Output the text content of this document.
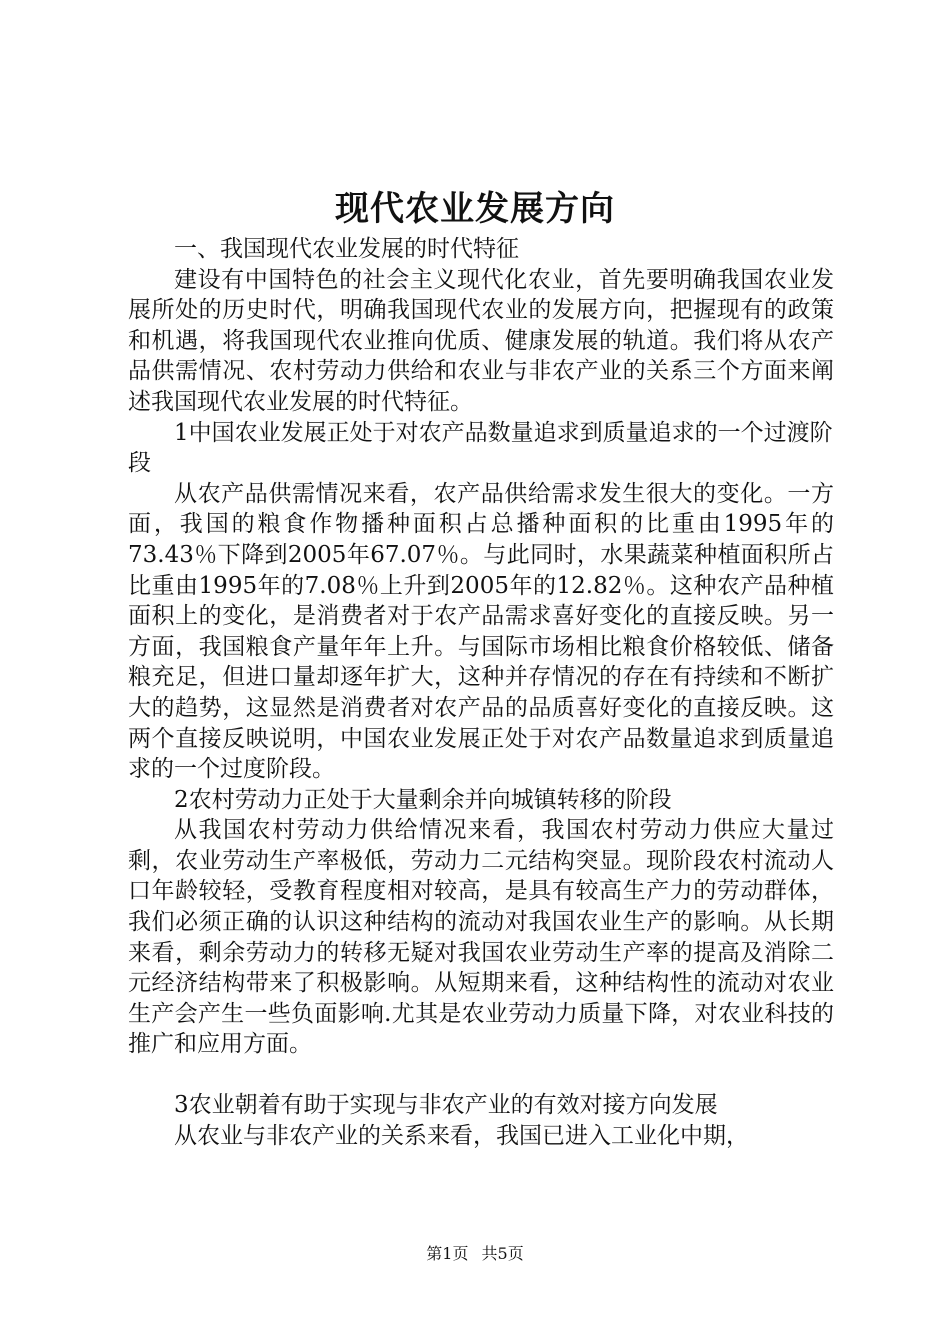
现代农业发展方向

一、我国现代农业发展的时代特征

建设有中国特色的社会主义现代化农业，首先要明确我国农业发展所处的历史时代，明确我国现代农业的发展方向，把握现有的政策和机遇，将我国现代农业推向优质、健康发展的轨道。我们将从农产品供需情况、农村劳动力供给和农业与非农产业的关系三个方面来阐述我国现代农业发展的时代特征。

1中国农业发展正处于对农产品数量追求到质量追求的一个过渡阶段

从农产品供需情况来看，农产品供给需求发生很大的变化。一方面，我国的粮食作物播种面积占总播种面积的比重由1995年的73.43％下降到2005年67.07％。与此同时，水果蔬菜种植面积所占比重由1995年的7.08％上升到2005年的12.82％。这种农产品种植面积上的变化，是消费者对于农产品需求喜好变化的直接反映。另一方面，我国粮食产量年年上升。与国际市场相比粮食价格较低、储备粮充足，但进口量却逐年扩大，这种并存情况的存在有持续和不断扩大的趋势，这显然是消费者对农产品的品质喜好变化的直接反映。这两个直接反映说明，中国农业发展正处于对农产品数量追求到质量追求的一个过度阶段。

2农村劳动力正处于大量剩余并向城镇转移的阶段

从我国农村劳动力供给情况来看，我国农村劳动力供应大量过剩，农业劳动生产率极低，劳动力二元结构突显。现阶段农村流动人口年龄较轻，受教育程度相对较高，是具有较高生产力的劳动群体，我们必须正确的认识这种结构的流动对我国农业生产的影响。从长期来看，剩余劳动力的转移无疑对我国农业劳动生产率的提高及消除二元经济结构带来了积极影响。从短期来看，这种结构性的流动对农业生产会产生一些负面影响.尤其是农业劳动力质量下降，对农业科技的推广和应用方面。

3农业朝着有助于实现与非农产业的有效对接方向发展

从农业与非农产业的关系来看，我国已进入工业化中期，

第1页 共5页
